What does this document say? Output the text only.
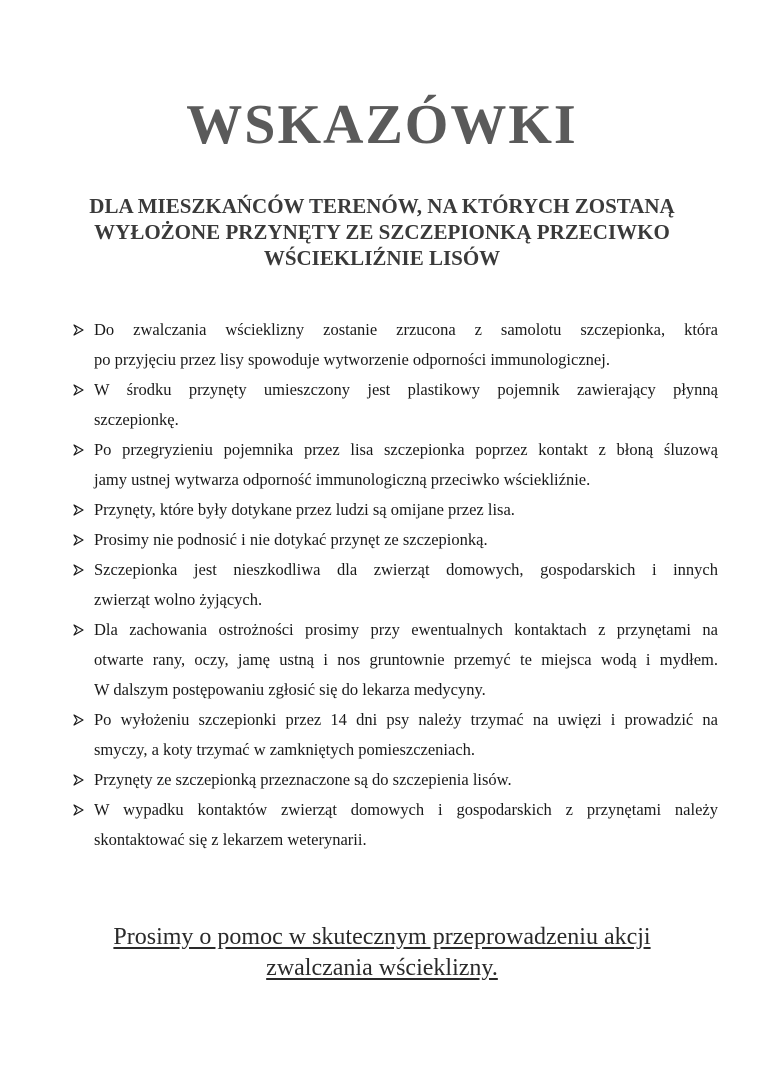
WSKAZÓWKI
DLA MIESZKAŃCÓW TERENÓW, NA KTÓRYCH ZOSTANĄ
WYŁOŻONE PRZYNĘTY ZE SZCZEPIONKĄ PRZECIWKO
WŚCIEKLIŹNIE LISÓW
Do zwalczania wścieklizny zostanie zrzucona z samolotu szczepionka, która
po przyjęciu przez lisy spowoduje wytworzenie odporności immunologicznej.
W środku przynęty umieszczony jest plastikowy pojemnik zawierający płynną
szczepionkę.
Po przegryzieniu pojemnika przez lisa szczepionka poprzez kontakt z błoną śluzową
jamy ustnej wytwarza odporność immunologiczną przeciwko wściekliźnie.
Przynęty, które były dotykane przez ludzi są omijane przez lisa.
Prosimy nie podnosić i nie dotykać przynęt ze szczepionką.
Szczepionka jest nieszkodliwa dla zwierząt domowych, gospodarskich i innych
zwierząt wolno żyjących.
Dla zachowania ostrożności prosimy przy ewentualnych kontaktach z przynętami na
otwarte rany, oczy, jamę ustną i nos gruntownie przemyć te miejsca wodą i mydłem.
W dalszym postępowaniu zgłosić się do lekarza medycyny.
Po wyłożeniu szczepionki przez 14 dni psy należy trzymać na uwięzi i prowadzić na
smyczy, a koty trzymać w zamkniętych pomieszczeniach.
Przynęty ze szczepionką przeznaczone są do szczepienia lisów.
W wypadku kontaktów zwierząt domowych i gospodarskich z przynętami należy
skontaktować się z lekarzem weterynarii.
Prosimy o pomoc w skutecznym przeprowadzeniu akcji
zwalczania wścieklizny.
